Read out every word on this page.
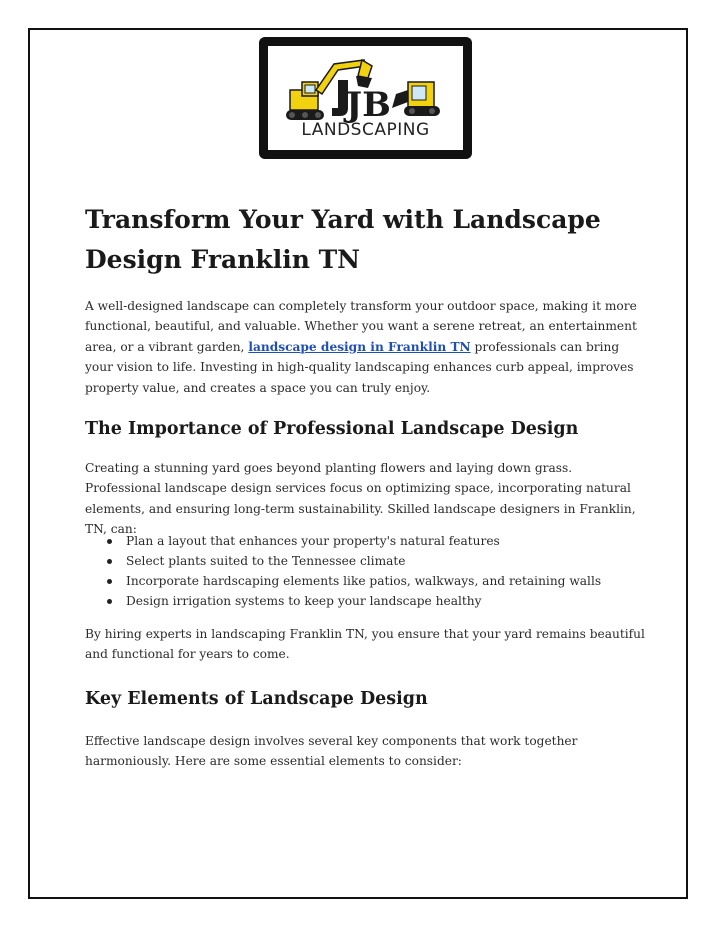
JB
LANDSCAPING
Transform Your Yard with Landscape Design Franklin TN

A well-designed landscape can completely transform your outdoor space, making it more functional, beautiful, and valuable. Whether you want a serene retreat, an entertainment area, or a vibrant garden, landscape design in Franklin TN professionals can bring your vision to life. Investing in high-quality landscaping enhances curb appeal, improves property value, and creates a space you can truly enjoy.

The Importance of Professional Landscape Design

Creating a stunning yard goes beyond planting flowers and laying down grass. Professional landscape design services focus on optimizing space, incorporating natural elements, and ensuring long-term sustainability. Skilled landscape designers in Franklin, TN, can:

Plan a layout that enhances your property's natural features
Select plants suited to the Tennessee climate
Incorporate hardscaping elements like patios, walkways, and retaining walls
Design irrigation systems to keep your landscape healthy

By hiring experts in landscaping Franklin TN, you ensure that your yard remains beautiful and functional for years to come.

Key Elements of Landscape Design

Effective landscape design involves several key components that work together harmoniously. Here are some essential elements to consider:
